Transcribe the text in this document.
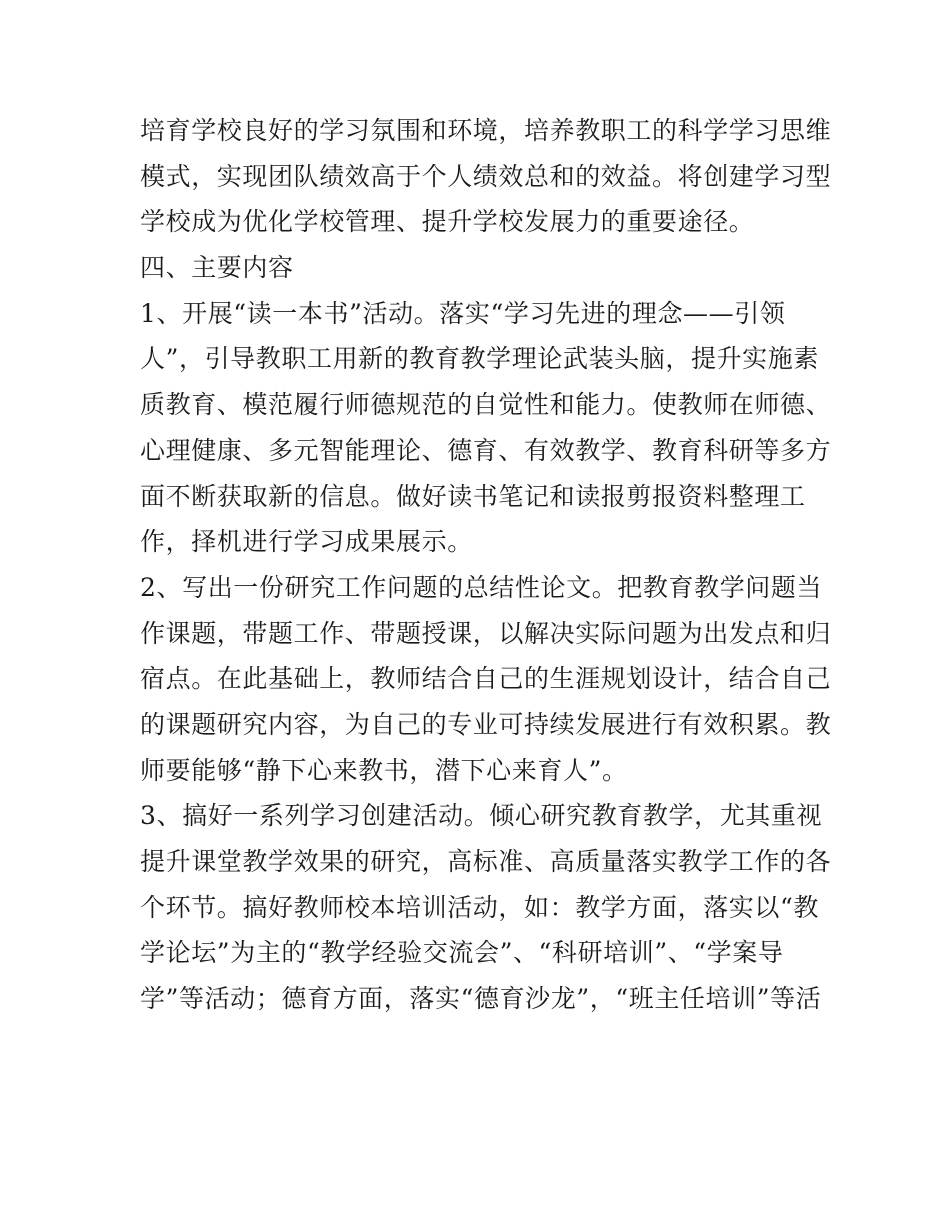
培育学校良好的学习氛围和环境，培养教职工的科学学习思维
模式，实现团队绩效高于个人绩效总和的效益。将创建学习型
学校成为优化学校管理、提升学校发展力的重要途径。
四、主要内容
1、开展“读一本书”活动。落实“学习先进的理念——引领
人”，引导教职工用新的教育教学理论武装头脑，提升实施素
质教育、模范履行师德规范的自觉性和能力。使教师在师德、
心理健康、多元智能理论、德育、有效教学、教育科研等多方
面不断获取新的信息。做好读书笔记和读报剪报资料整理工
作，择机进行学习成果展示。
2、写出一份研究工作问题的总结性论文。把教育教学问题当
作课题，带题工作、带题授课，以解决实际问题为出发点和归
宿点。在此基础上，教师结合自己的生涯规划设计，结合自己
的课题研究内容，为自己的专业可持续发展进行有效积累。教
师要能够“静下心来教书，潜下心来育人”。
3、搞好一系列学习创建活动。倾心研究教育教学，尤其重视
提升课堂教学效果的研究，高标准、高质量落实教学工作的各
个环节。搞好教师校本培训活动，如：教学方面，落实以“教
学论坛”为主的“教学经验交流会”、“科研培训”、“学案导
学”等活动；德育方面，落实“德育沙龙”，“班主任培训”等活
